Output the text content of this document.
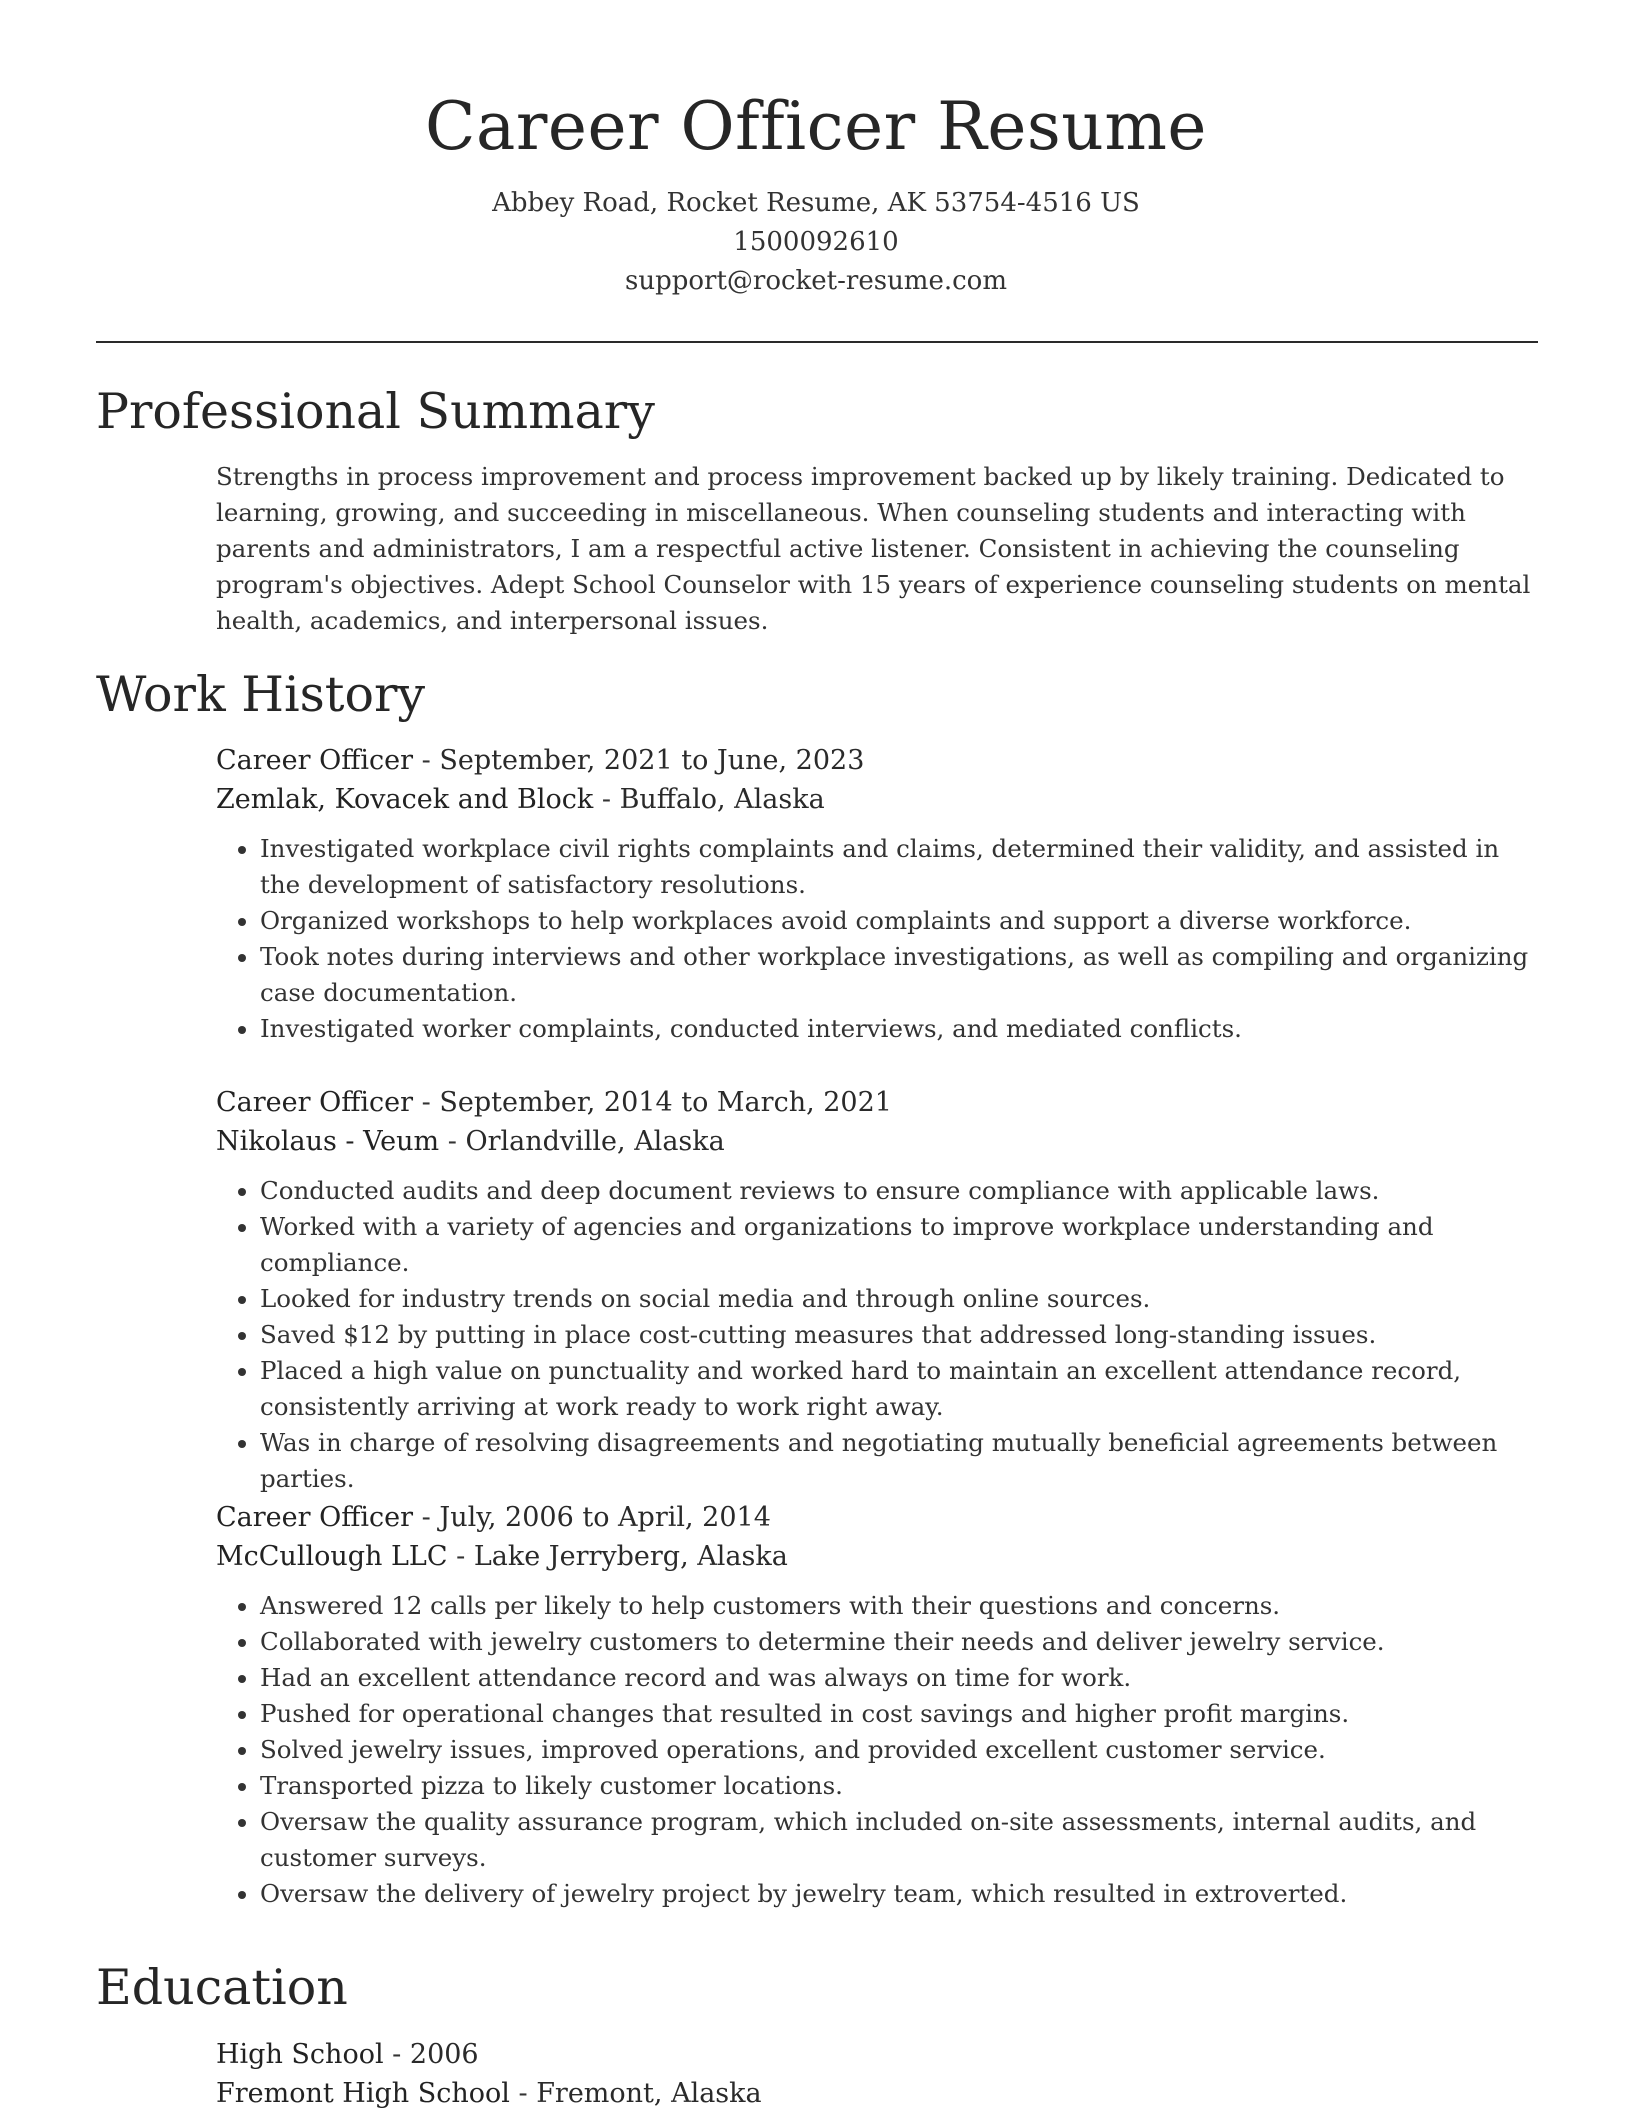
Career Officer Resume
Abbey Road, Rocket Resume, AK 53754-4516 US
1500092610
support@rocket-resume.com
Professional Summary

Strengths in process improvement and process improvement backed up by likely training. Dedicated to learning, growing, and succeeding in miscellaneous. When counseling students and interacting with parents and administrators, I am a respectful active listener. Consistent in achieving the counseling program's objectives. Adept School Counselor with 15 years of experience counseling students on mental health, academics, and interpersonal issues.

Work History
Career Officer - September, 2021 to June, 2023
Zemlak, Kovacek and Block - Buffalo, Alaska
• Investigated workplace civil rights complaints and claims, determined their validity, and assisted in the development of satisfactory resolutions.
• Organized workshops to help workplaces avoid complaints and support a diverse workforce.
• Took notes during interviews and other workplace investigations, as well as compiling and organizing case documentation.
• Investigated worker complaints, conducted interviews, and mediated conflicts.
Career Officer - September, 2014 to March, 2021
Nikolaus - Veum - Orlandville, Alaska
• Conducted audits and deep document reviews to ensure compliance with applicable laws.
• Worked with a variety of agencies and organizations to improve workplace understanding and compliance.
• Looked for industry trends on social media and through online sources.
• Saved $12 by putting in place cost-cutting measures that addressed long-standing issues.
• Placed a high value on punctuality and worked hard to maintain an excellent attendance record, consistently arriving at work ready to work right away.
• Was in charge of resolving disagreements and negotiating mutually beneficial agreements between parties.
Career Officer - July, 2006 to April, 2014
McCullough LLC - Lake Jerryberg, Alaska
• Answered 12 calls per likely to help customers with their questions and concerns.
• Collaborated with jewelry customers to determine their needs and deliver jewelry service.
• Had an excellent attendance record and was always on time for work.
• Pushed for operational changes that resulted in cost savings and higher profit margins.
• Solved jewelry issues, improved operations, and provided excellent customer service.
• Transported pizza to likely customer locations.
• Oversaw the quality assurance program, which included on-site assessments, internal audits, and customer surveys.
• Oversaw the delivery of jewelry project by jewelry team, which resulted in extroverted.
Education
High School - 2006
Fremont High School - Fremont, Alaska
